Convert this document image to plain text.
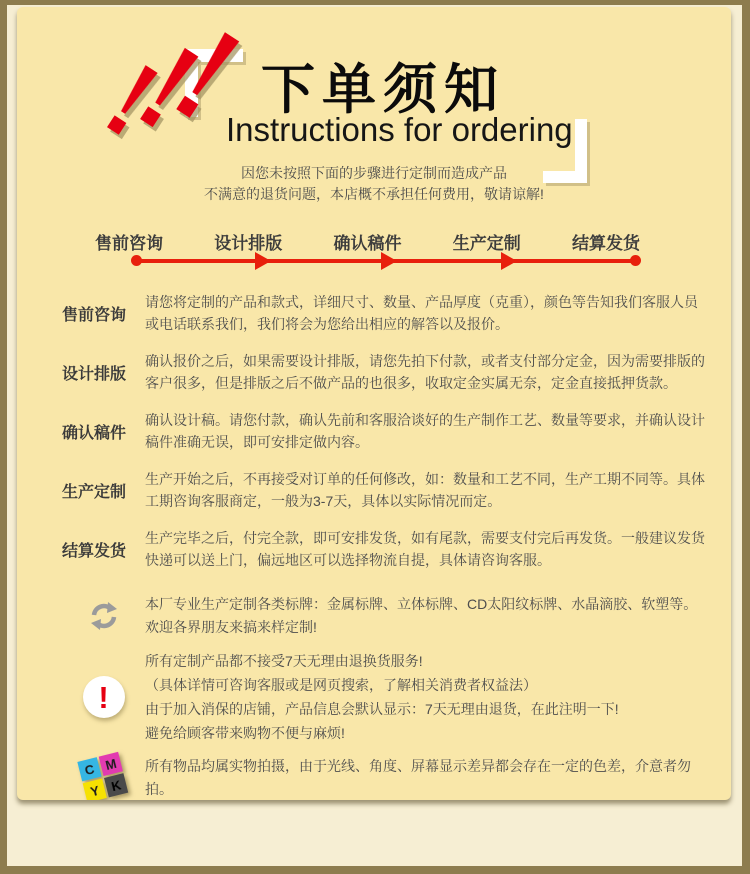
下单须知
Instructions for ordering
因您未按照下面的步骤进行定制而造成产品
不满意的退货问题，本店概不承担任何费用，敬请谅解!
售前咨询	设计排版	确认稿件	生产定制	结算发货
售前咨询
请您将定制的产品和款式，详细尺寸、数量、产品厚度（克重），颜色等告知我们客服人员或电话联系我们，我们将会为您给出相应的解答以及报价。
设计排版
确认报价之后，如果需要设计排版，请您先拍下付款，或者支付部分定金，因为需要排版的客户很多，但是排版之后不做产品的也很多，收取定金实属无奈，定金直接抵押货款。
确认稿件
确认设计稿。请您付款，确认先前和客服洽谈好的生产制作工艺、数量等要求，并确认设计稿件准确无误，即可安排定做内容。
生产定制
生产开始之后，不再接受对订单的任何修改，如：数量和工艺不同，生产工期不同等。具体工期咨询客服商定，一般为3-7天，具体以实际情况而定。
结算发货
生产完毕之后，付完全款，即可安排发货，如有尾款，需要支付完后再发货。一般建议发货快递可以送上门，偏远地区可以选择物流自提，具体请咨询客服。
本厂专业生产定制各类标牌：金属标牌、立体标牌、CD太阳纹标牌、水晶滴胶、软塑等。
欢迎各界朋友来搞来样定制!
!
所有定制产品都不接受7天无理由退换货服务!
（具体详情可咨询客服或是网页搜索，了解相关消费者权益法）
由于加入消保的店铺，产品信息会默认显示：7天无理由退货，在此注明一下!
避免给顾客带来购物不便与麻烦!
C M
Y K
所有物品均属实物拍摄，由于光线、角度、屏幕显示差异都会存在一定的色差，介意者勿拍。
